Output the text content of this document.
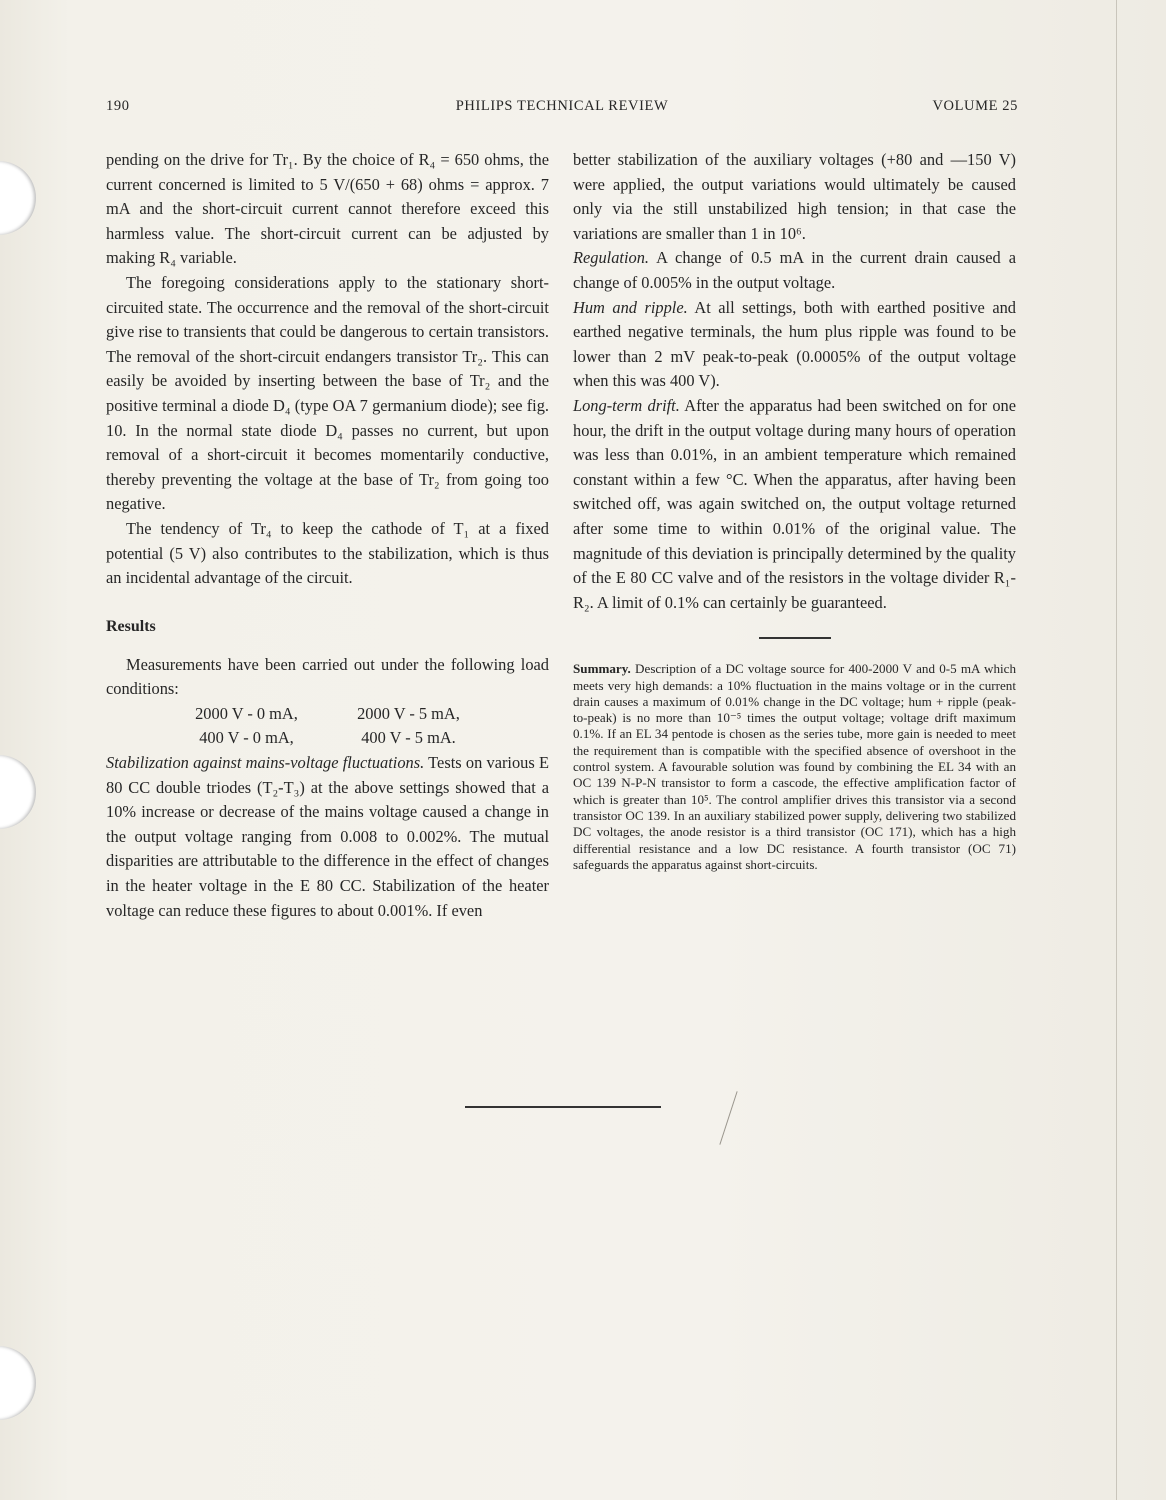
190	PHILIPS TECHNICAL REVIEW	VOLUME 25

pending on the drive for Tr₁. By the choice of R₄ = 650 ohms, the current concerned is limited to 5 V/(650 + 68) ohms = approx. 7 mA and the short-circuit current cannot therefore exceed this harmless value. The short-circuit current can be adjusted by making R₄ variable.

The foregoing considerations apply to the stationary short-circuited state. The occurrence and the removal of the short-circuit give rise to transients that could be dangerous to certain transistors. The removal of the short-circuit endangers transistor Tr₂. This can easily be avoided by inserting between the base of Tr₂ and the positive terminal a diode D₄ (type OA 7 germanium diode); see fig. 10. In the normal state diode D₄ passes no current, but upon removal of a short-circuit it becomes momentarily conductive, thereby preventing the voltage at the base of Tr₂ from going too negative.

The tendency of Tr₄ to keep the cathode of T₁ at a fixed potential (5 V) also contributes to the stabilization, which is thus an incidental advantage of the circuit.

Results

Measurements have been carried out under the following load conditions:

2000 V - 0 mA,	2000 V - 5 mA,
400 V - 0 mA,	400 V - 5 mA.

Stabilization against mains-voltage fluctuations. Tests on various E 80 CC double triodes (T₂-T₃) at the above settings showed that a 10% increase or decrease of the mains voltage caused a change in the output voltage ranging from 0.008 to 0.002%. The mutual disparities are attributable to the difference in the effect of changes in the heater voltage in the E 80 CC. Stabilization of the heater voltage can reduce these figures to about 0.001%. If even

better stabilization of the auxiliary voltages (+80 and —150 V) were applied, the output variations would ultimately be caused only via the still unstabilized high tension; in that case the variations are smaller than 1 in 10⁶.

Regulation. A change of 0.5 mA in the current drain caused a change of 0.005% in the output voltage.

Hum and ripple. At all settings, both with earthed positive and earthed negative terminals, the hum plus ripple was found to be lower than 2 mV peak-to-peak (0.0005% of the output voltage when this was 400 V).

Long-term drift. After the apparatus had been switched on for one hour, the drift in the output voltage during many hours of operation was less than 0.01%, in an ambient temperature which remained constant within a few °C. When the apparatus, after having been switched off, was again switched on, the output voltage returned after some time to within 0.01% of the original value. The magnitude of this deviation is principally determined by the quality of the E 80 CC valve and of the resistors in the voltage divider R₁-R₂. A limit of 0.1% can certainly be guaranteed.

Summary. Description of a DC voltage source for 400-2000 V and 0-5 mA which meets very high demands: a 10% fluctuation in the mains voltage or in the current drain causes a maximum of 0.01% change in the DC voltage; hum + ripple (peak-to-peak) is no more than 10⁻⁵ times the output voltage; voltage drift maximum 0.1%. If an EL 34 pentode is chosen as the series tube, more gain is needed to meet the requirement than is compatible with the specified absence of overshoot in the control system. A favourable solution was found by combining the EL 34 with an OC 139 N-P-N transistor to form a cascode, the effective amplification factor of which is greater than 10⁵. The control amplifier drives this transistor via a second transistor OC 139. In an auxiliary stabilized power supply, delivering two stabilized DC voltages, the anode resistor is a third transistor (OC 171), which has a high differential resistance and a low DC resistance. A fourth transistor (OC 71) safeguards the apparatus against short-circuits.
